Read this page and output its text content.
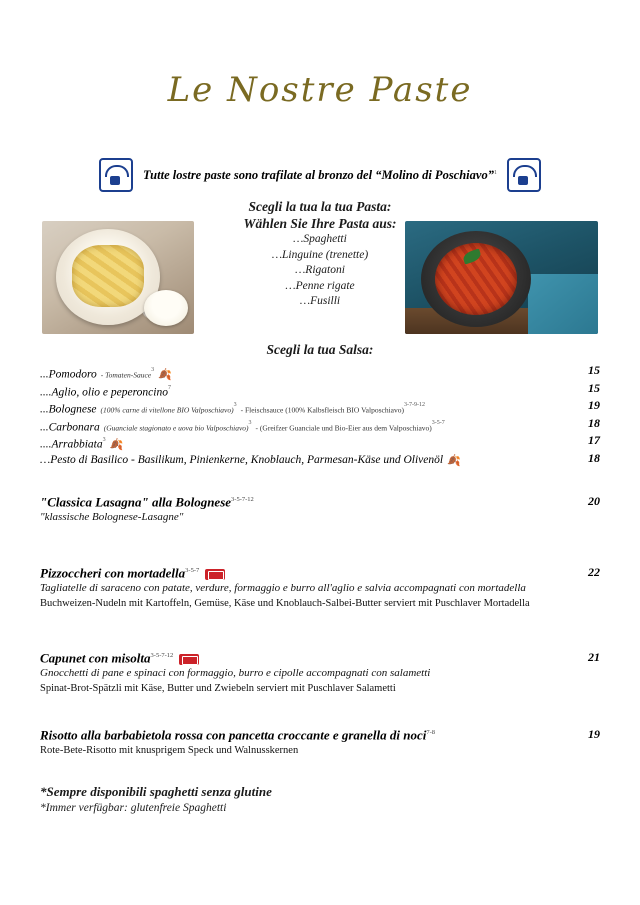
Le Nostre Paste
Tutte lostre paste sono trafilate al bronzo del “Molino di Poschiavo”$^1$
Scegli la tua la tua Pasta:
Wählen Sie Ihre Pasta aus:
…Spaghetti
…Linguine (trenette)
…Rigatoni
…Penne rigate
…Fusilli
Scegli la tua Salsa:
...Pomodoro - Tomaten-Sauce$^3$ 🍂	15
....Aglio, olio e peperoncino$^7$	15
...Bolognese (100% carne di vitellone BIO Valposchiavo)$^3$ - Fleischsauce (100% Kalbsfleisch BIO Valposchiavo)$^{3-7-9-12}$	19
...Carbonara (Guanciale stagionato e uova bio Valposchiavo)$^3$ - (Greifzer Guanciale und Bio-Eier aus dem Valposchiavo)$^{3-5-7}$	18
....Arrabbiata$^3$ 🍂	17
…Pesto di Basilico - Basilikum, Pinienkerne, Knoblauch, Parmesan-Käse und Olivenöl 🍂	18
"Classica Lasagna" alla Bolognese$^{3-5-7-12}$	20
"klassische Bolognese-Lasagne"
Pizzoccheri con mortadella$^{3-5-7}$	22
Tagliatelle di saraceno con patate, verdure, formaggio e burro all'aglio e salvia accompagnati con mortadella
Buchweizen-Nudeln mit Kartoffeln, Gemüse, Käse und Knoblauch-Salbei-Butter serviert mit Puschlaver Mortadella
Capunet con misolta$^{3-5-7-12}$	21
Gnocchetti di pane e spinaci con formaggio, burro e cipolle accompagnati con salametti
Spinat-Brot-Spätzli mit Käse, Butter und Zwiebeln serviert mit Puschlaver Salametti
Risotto alla barbabietola rossa con pancetta croccante e granella di noci$^{7-8}$	19
Rote-Bete-Risotto mit knusprigem Speck und Walnusskernen
*Sempre disponibili spaghetti senza glutine
*Immer verfügbar: glutenfreie Spaghetti
